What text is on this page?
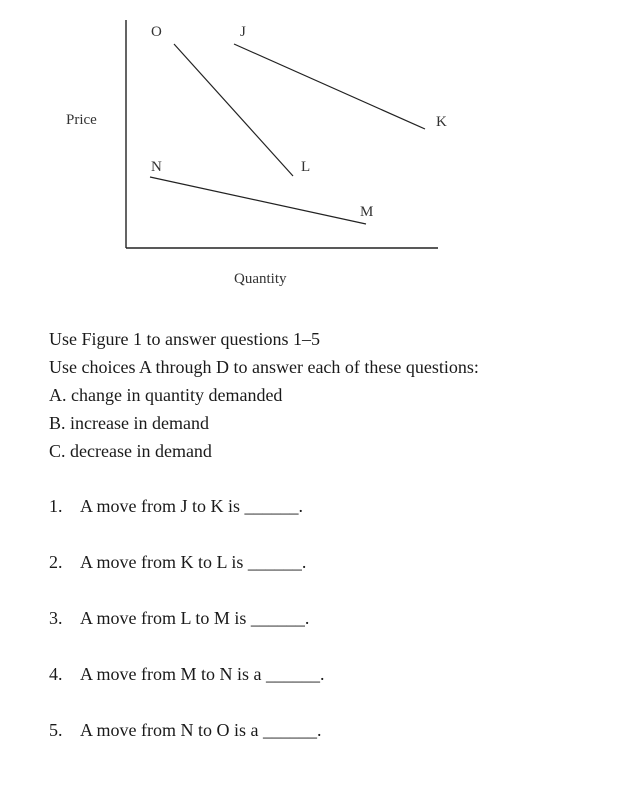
O	J
K
L
N
M
Quantity
Price

Use Figure 1 to answer questions 1–5

Use choices A through D to answer each of these questions:

A. change in quantity demanded

B. increase in demand

C. decrease in demand

1. A move from J to K is ______.
2. A move from K to L is ______.
3. A move from L to M is ______.
4. A move from M to N is a ______.
5. A move from N to O is a ______.
